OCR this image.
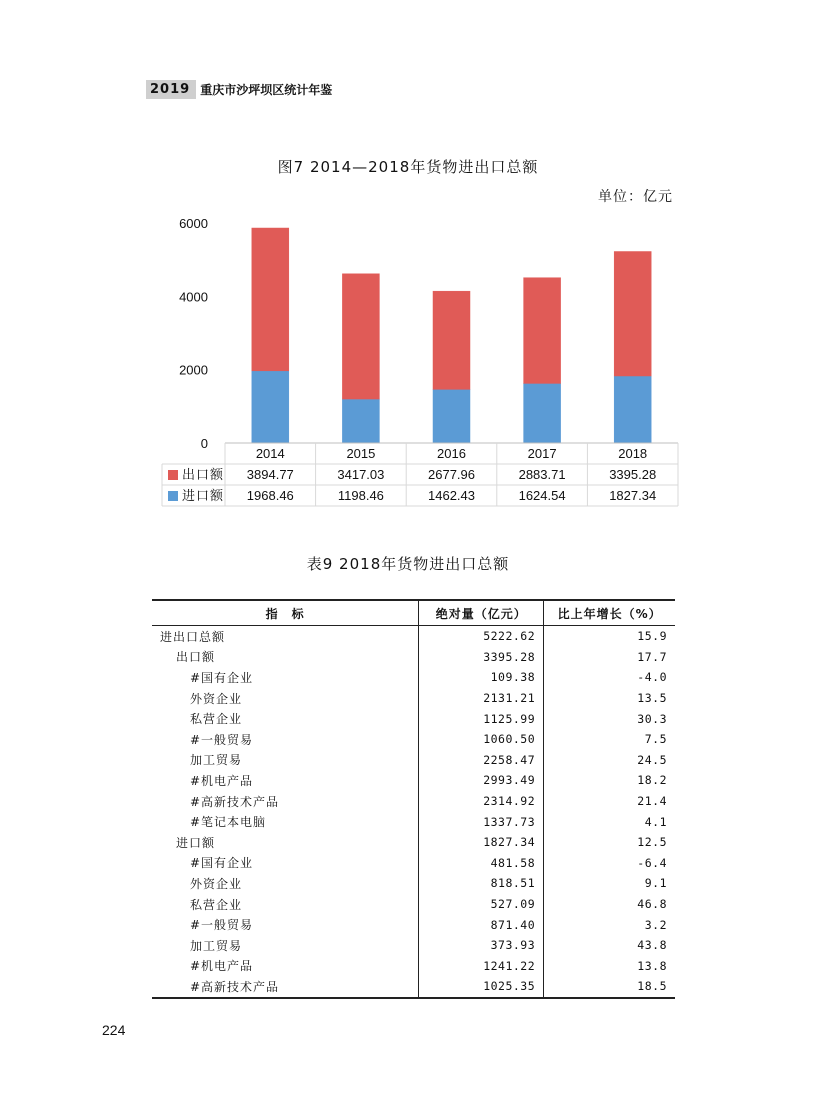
2019 重庆市沙坪坝区统计年鉴
图7 2014—2018年货物进出口总额
单位：亿元
0
2000
4000
6000
2014	2015	2016	2017	2018
出口额 3894.77	3417.03	2677.96	2883.71	3395.28
进口额 1968.46	1198.46	1462.43	1624.54	1827.34
表9 2018年货物进出口总额
指　标	绝对量（亿元）	比上年增长（%）
进出口总额	5222.62	15.9
出口额	3395.28	17.7
#国有企业	109.38	-4.0
外资企业	2131.21	13.5
私营企业	1125.99	30.3
#一般贸易	1060.50	7.5
加工贸易	2258.47	24.5
#机电产品	2993.49	18.2
#高新技术产品	2314.92	21.4
#笔记本电脑	1337.73	4.1
进口额	1827.34	12.5
#国有企业	481.58	-6.4
外资企业	818.51	9.1
私营企业	527.09	46.8
#一般贸易	871.40	3.2
加工贸易	373.93	43.8
#机电产品	1241.22	13.8
#高新技术产品	1025.35	18.5
224
